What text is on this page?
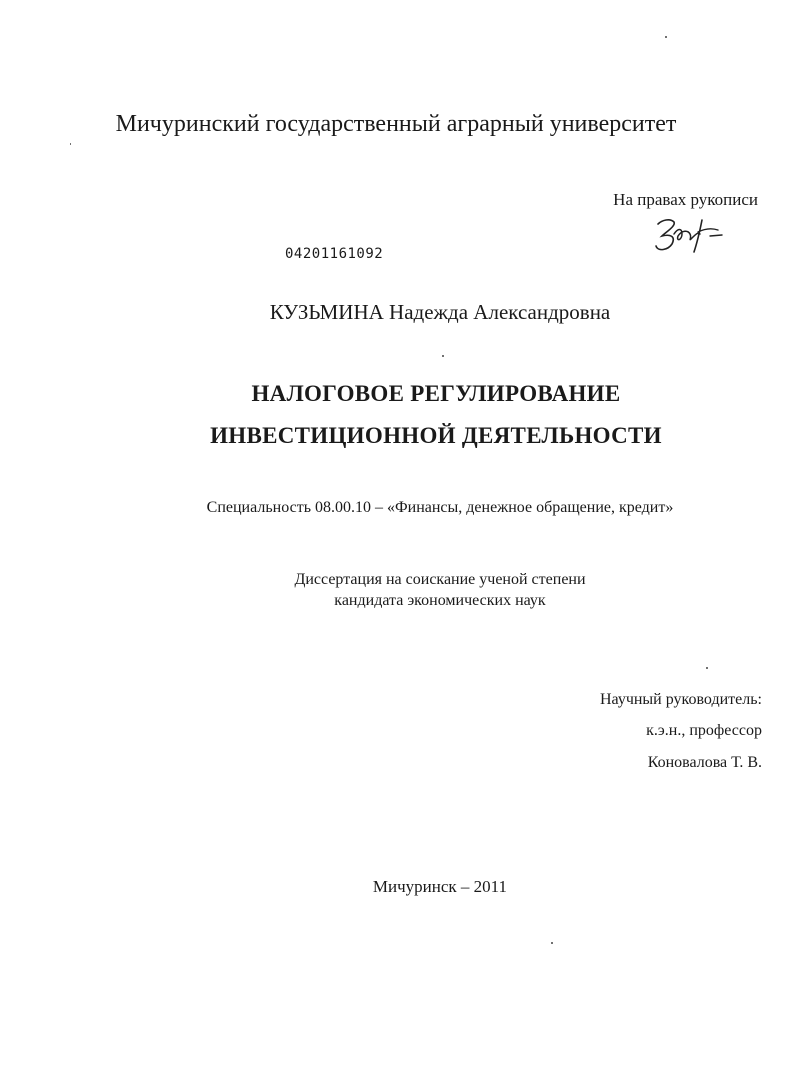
Мичуринский государственный аграрный университет
На правах рукописи
04201161092
КУЗЬМИНА Надежда Александровна
НАЛОГОВОЕ РЕГУЛИРОВАНИЕ
ИНВЕСТИЦИОННОЙ ДЕЯТЕЛЬНОСТИ
Специальность 08.00.10 – «Финансы, денежное обращение, кредит»
Диссертация на соискание ученой степени
кандидата экономических наук
Научный руководитель:
к.э.н., профессор
Коновалова Т. В.
Мичуринск – 2011
